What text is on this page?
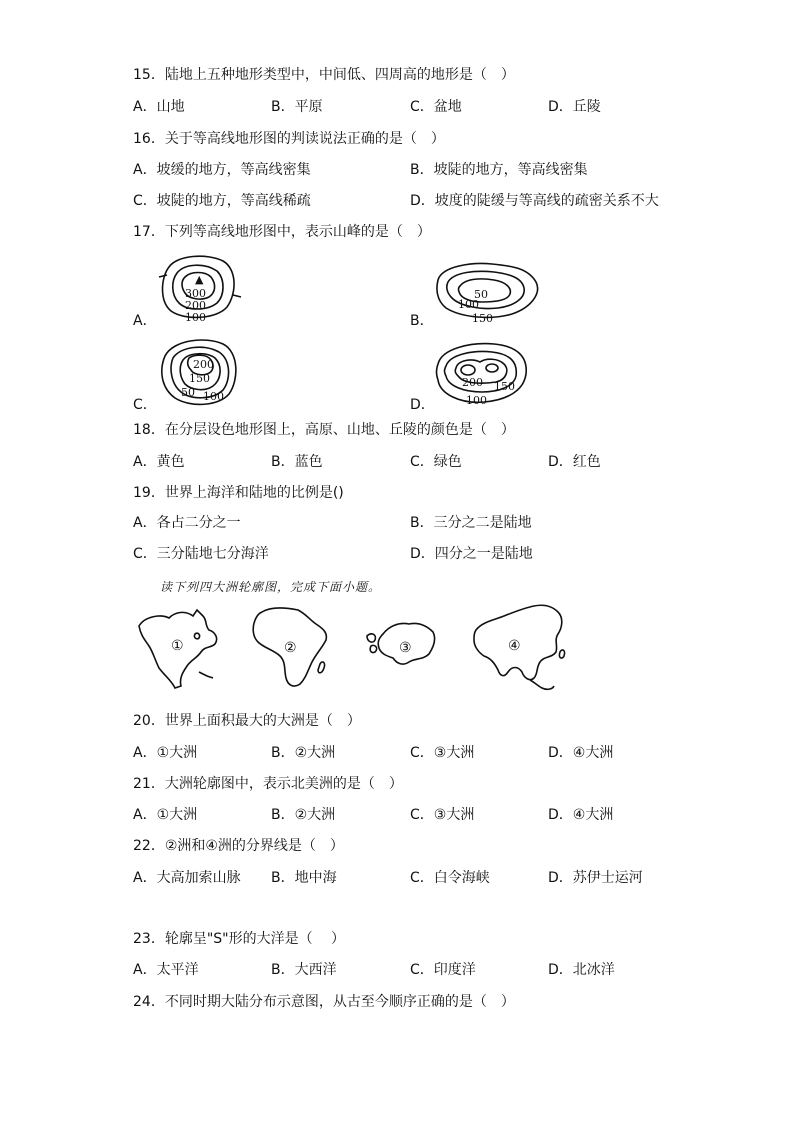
15．陆地上五种地形类型中，中间低、四周高的地形是（　）
A．山地	B．平原	C．盆地	D．丘陵
16．关于等高线地形图的判读说法正确的是（　）
A．坡缓的地方，等高线密集	B．坡陡的地方，等高线密集
C．坡陡的地方，等高线稀疏	D．坡度的陡缓与等高线的疏密关系不大
17．下列等高线地形图中，表示山峰的是（　）
A．
▲
300
200
100	B．
50
100
150
C．
200
150
50 100
D．
200 150
100
18．在分层设色地形图上，高原、山地、丘陵的颜色是（　）
A．黄色	B．蓝色	C．绿色	D．红色
19．世界上海洋和陆地的比例是()
A．各占二分之一	B．三分之二是陆地
C．三分陆地七分海洋	D．四分之一是陆地
读下列四大洲轮廓图，完成下面小题。
①	②	③	④
20．世界上面积最大的大洲是（　）
A．①大洲	B．②大洲	C．③大洲	D．④大洲
21．大洲轮廓图中，表示北美洲的是（　）
A．①大洲	B．②大洲	C．③大洲	D．④大洲
22．②洲和④洲的分界线是（　）
A．大高加索山脉 B．地中海	C．白令海峡	D．苏伊士运河
23．轮廓呈"S"形的大洋是（　 ）
A．太平洋	B．大西洋	C．印度洋	D．北冰洋
24．不同时期大陆分布示意图，从古至今顺序正确的是（　）
